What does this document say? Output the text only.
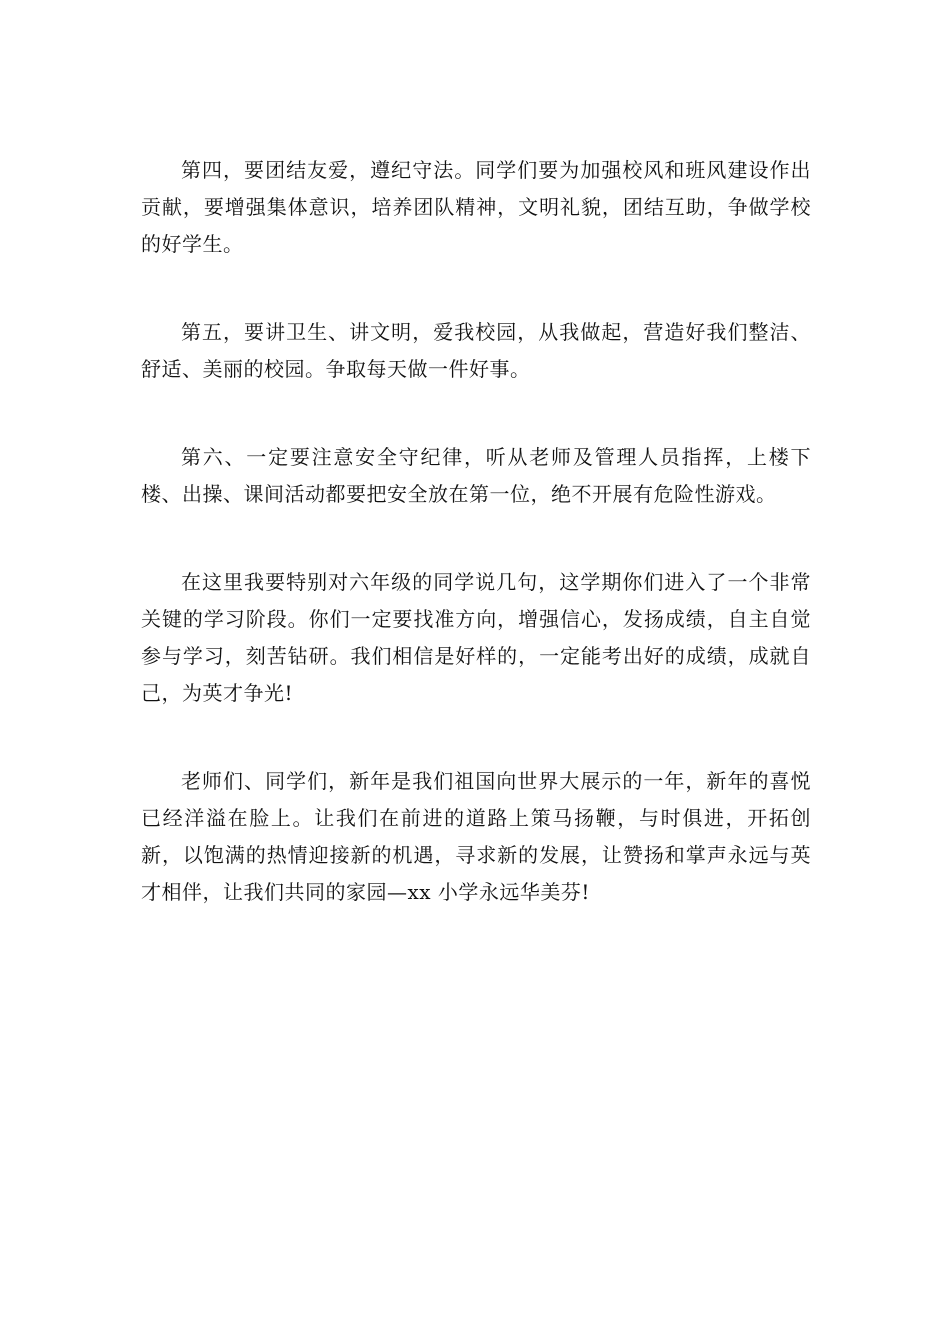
第四，要团结友爱，遵纪守法。同学们要为加强校风和班风建设作出贡献，要增强集体意识，培养团队精神，文明礼貌，团结互助，争做学校的好学生。

第五，要讲卫生、讲文明，爱我校园，从我做起，营造好我们整洁、舒适、美丽的校园。争取每天做一件好事。

第六、一定要注意安全守纪律，听从老师及管理人员指挥，上楼下楼、出操、课间活动都要把安全放在第一位，绝不开展有危险性游戏。

在这里我要特别对六年级的同学说几句，这学期你们进入了一个非常关键的学习阶段。你们一定要找准方向，增强信心，发扬成绩，自主自觉参与学习，刻苦钻研。我们相信是好样的，一定能考出好的成绩，成就自己，为英才争光!

老师们、同学们，新年是我们祖国向世界大展示的一年，新年的喜悦已经洋溢在脸上。让我们在前进的道路上策马扬鞭，与时俱进，开拓创新，以饱满的热情迎接新的机遇，寻求新的发展，让赞扬和掌声永远与英才相伴，让我们共同的家园—xx 小学永远华美芬!
